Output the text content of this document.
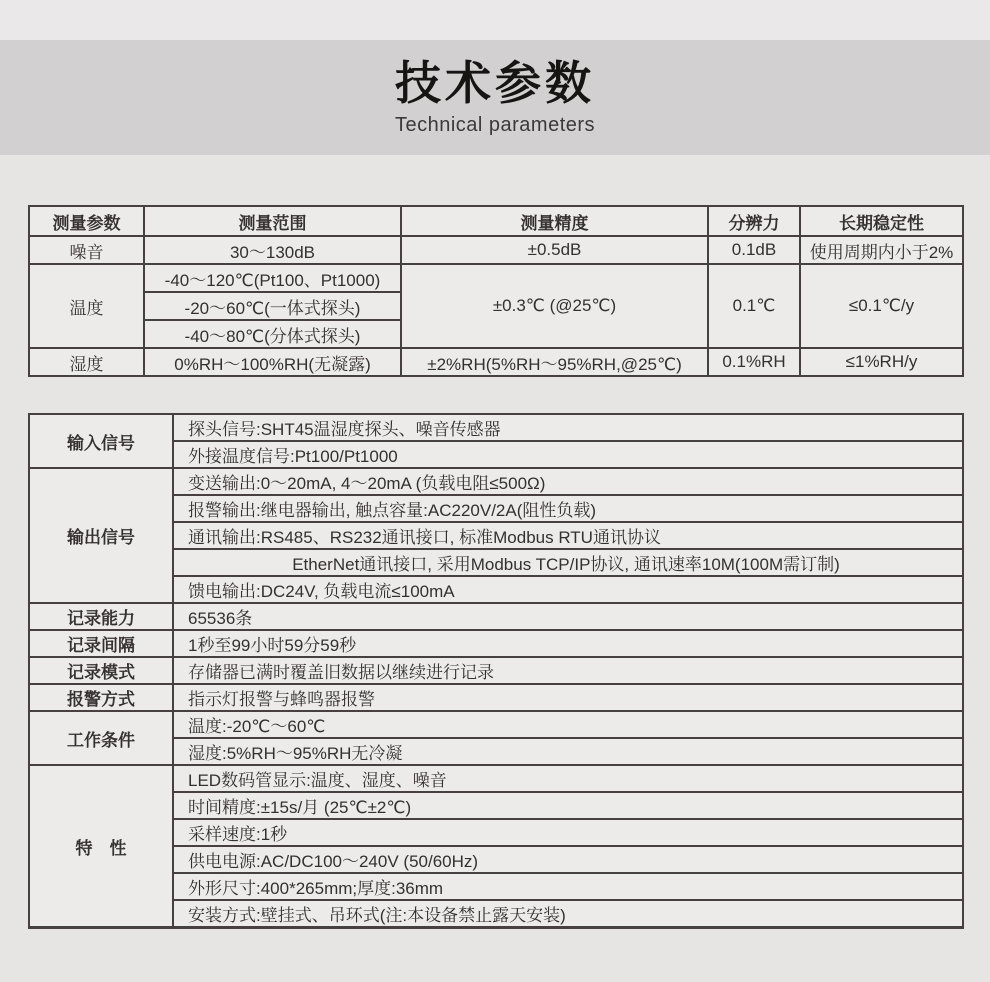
技术参数
Technical parameters
测量参数	测量范围	测量精度	分辨力	长期稳定性
噪音	30～130dB	±0.5dB	0.1dB	使用周期内小于2%
温度	-40～120℃(Pt100、Pt1000)	±0.3℃ (@25℃)	0.1℃	≤0.1℃/y
	-20～60℃(一体式探头)			
	-40～80℃(分体式探头)			
湿度	0%RH～100%RH(无凝露)	±2%RH(5%RH～95%RH,@25℃)	0.1%RH	≤1%RH/y
输入信号	探头信号:SHT45温湿度探头、噪音传感器
	外接温度信号:Pt100/Pt1000
输出信号	变送输出:0～20mA, 4～20mA (负载电阻≤500Ω)
	报警输出:继电器输出, 触点容量:AC220V/2A(阻性负载)
	通讯输出:RS485、RS232通讯接口, 标准Modbus RTU通讯协议
	EtherNet通讯接口, 采用Modbus TCP/IP协议, 通讯速率10M(100M需订制)
	馈电输出:DC24V, 负载电流≤100mA
记录能力	65536条
记录间隔	1秒至99小时59分59秒
记录模式	存储器已满时覆盖旧数据以继续进行记录
报警方式	指示灯报警与蜂鸣器报警
工作条件	温度:-20℃～60℃
	湿度:5%RH～95%RH无冷凝
特　性	LED数码管显示:温度、湿度、噪音
	时间精度:±15s/月 (25℃±2℃)
	采样速度:1秒
	供电电源:AC/DC100～240V (50/60Hz)
	外形尺寸:400*265mm;厚度:36mm
	安装方式:壁挂式、吊环式(注:本设备禁止露天安装)
